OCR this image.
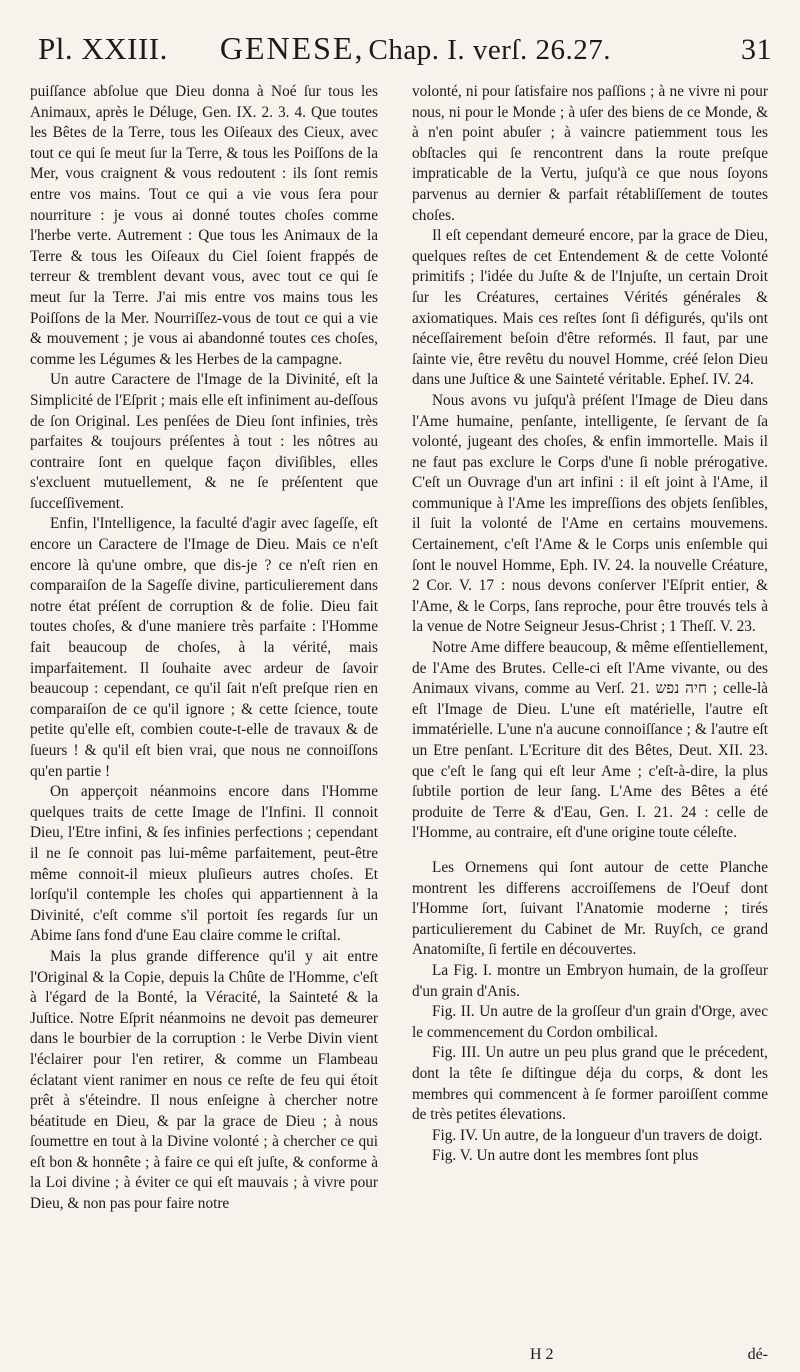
Pl. XXIII. GENESE, Chap. I. verſ. 26.27.	31

puiſſance abſolue que Dieu donna à Noé ſur tous les Animaux, après le Déluge, Gen. IX. 2. 3. 4. Que toutes les Bêtes de la Terre, tous les Oiſeaux des Cieux, avec tout ce qui ſe meut ſur la Terre, & tous les Poiſſons de la Mer, vous craignent & vous redoutent : ils ſont remis entre vos mains. Tout ce qui a vie vous ſera pour nourriture : je vous ai donné toutes choſes comme l'herbe verte. Autrement : Que tous les Animaux de la Terre & tous les Oiſeaux du Ciel ſoient frappés de terreur & tremblent devant vous, avec tout ce qui ſe meut ſur la Terre. J'ai mis entre vos mains tous les Poiſſons de la Mer. Nourriſſez-vous de tout ce qui a vie & mouvement ; je vous ai abandonné toutes ces choſes, comme les Légumes & les Herbes de la campagne.

Un autre Caractere de l'Image de la Divinité, eſt la Simplicité de l'Eſprit ; mais elle eſt infiniment au-deſſous de ſon Original. Les penſées de Dieu ſont infinies, très parfaites & toujours préſentes à tout : les nôtres au contraire ſont en quelque façon diviſibles, elles s'excluent mutuellement, & ne ſe préſentent que ſucceſſivement.

Enfin, l'Intelligence, la faculté d'agir avec ſageſſe, eſt encore un Caractere de l'Image de Dieu. Mais ce n'eſt encore là qu'une ombre, que dis-je ? ce n'eſt rien en comparaiſon de la Sageſſe divine, particulierement dans notre état préſent de corruption & de folie. Dieu fait toutes choſes, & d'une maniere très parfaite : l'Homme fait beaucoup de choſes, à la vérité, mais imparfaitement. Il ſouhaite avec ardeur de ſavoir beaucoup : cependant, ce qu'il ſait n'eſt preſque rien en comparaiſon de ce qu'il ignore ; & cette ſcience, toute petite qu'elle eſt, combien coute-t-elle de travaux & de ſueurs ! & qu'il eſt bien vrai, que nous ne connoiſſons qu'en partie !

On apperçoit néanmoins encore dans l'Homme quelques traits de cette Image de l'Infini. Il connoit Dieu, l'Etre infini, & ſes infinies perfections ; cependant il ne ſe connoit pas lui-même parfaitement, peut-être même connoit-il mieux pluſieurs autres choſes. Et lorſqu'il contemple les choſes qui appartiennent à la Divinité, c'eſt comme s'il portoit ſes regards ſur un Abime ſans fond d'une Eau claire comme le criſtal.

Mais la plus grande difference qu'il y ait entre l'Original & la Copie, depuis la Chûte de l'Homme, c'eſt à l'égard de la Bonté, la Véracité, la Sainteté & la Juſtice. Notre Eſprit néanmoins ne devoit pas demeurer dans le bourbier de la corruption : le Verbe Divin vient l'éclairer pour l'en retirer, & comme un Flambeau éclatant vient ranimer en nous ce reſte de feu qui étoit prêt à s'éteindre. Il nous enſeigne à chercher notre béatitude en Dieu, & par la grace de Dieu ; à nous ſoumettre en tout à la Divine volonté ; à chercher ce qui eſt bon & honnête ; à faire ce qui eſt juſte, & conforme à la Loi divine ; à éviter ce qui eſt mauvais ; à vivre pour Dieu, & non pas pour faire notre

volonté, ni pour ſatisfaire nos paſſions ; à ne vivre ni pour nous, ni pour le Monde ; à uſer des biens de ce Monde, & à n'en point abuſer ; à vaincre patiemment tous les obſtacles qui ſe rencontrent dans la route preſque impraticable de la Vertu, juſqu'à ce que nous ſoyons parvenus au dernier & parfait rétabliſſement de toutes choſes.

Il eſt cependant demeuré encore, par la grace de Dieu, quelques reſtes de cet Entendement & de cette Volonté primitifs ; l'idée du Juſte & de l'Injuſte, un certain Droit ſur les Créatures, certaines Vérités générales & axiomatiques. Mais ces reſtes ſont ſi défigurés, qu'ils ont néceſſairement beſoin d'être reformés. Il faut, par une ſainte vie, être revêtu du nouvel Homme, créé ſelon Dieu dans une Juſtice & une Sainteté véritable. Epheſ. IV. 24.

Nous avons vu juſqu'à préſent l'Image de Dieu dans l'Ame humaine, penſante, intelligente, ſe ſervant de ſa volonté, jugeant des choſes, & enfin immortelle. Mais il ne faut pas exclure le Corps d'une ſi noble prérogative. C'eſt un Ouvrage d'un art infini : il eſt joint à l'Ame, il communique à l'Ame les impreſſions des objets ſenſibles, il ſuit la volonté de l'Ame en certains mouvemens. Certainement, c'eſt l'Ame & le Corps unis enſemble qui ſont le nouvel Homme, Eph. IV. 24. la nouvelle Créature, 2 Cor. V. 17 : nous devons conſerver l'Eſprit entier, & l'Ame, & le Corps, ſans reproche, pour être trouvés tels à la venue de Notre Seigneur Jesus-Christ ; 1 Theſſ. V. 23.

Notre Ame differe beaucoup, & même eſſentiellement, de l'Ame des Brutes. Celle-ci eſt l'Ame vivante, ou des Animaux vivans, comme au Verſ. 21. חיה נפש ; celle-là eſt l'Image de Dieu. L'une eſt matérielle, l'autre eſt immatérielle. L'une n'a aucune connoiſſance ; & l'autre eſt un Etre penſant. L'Ecriture dit des Bêtes, Deut. XII. 23. que c'eſt le ſang qui eſt leur Ame ; c'eſt-à-dire, la plus ſubtile portion de leur ſang. L'Ame des Bêtes a été produite de Terre & d'Eau, Gen. I. 21. 24 : celle de l'Homme, au contraire, eſt d'une origine toute céleſte.

Les Ornemens qui ſont autour de cette Planche montrent les differens accroiſſemens de l'Oeuf dont l'Homme ſort, ſuivant l'Anatomie moderne ; tirés particulierement du Cabinet de Mr. Ruyſch, ce grand Anatomiſte, ſi fertile en découvertes.

La Fig. I. montre un Embryon humain, de la groſſeur d'un grain d'Anis.

Fig. II. Un autre de la groſſeur d'un grain d'Orge, avec le commencement du Cordon ombilical.

Fig. III. Un autre un peu plus grand que le précedent, dont la tête ſe diſtingue déja du corps, & dont les membres qui commencent à ſe former paroiſſent comme de très petites élevations.

Fig. IV. Un autre, de la longueur d'un travers de doigt.

Fig. V. Un autre dont les membres ſont plus

H 2	dé-
